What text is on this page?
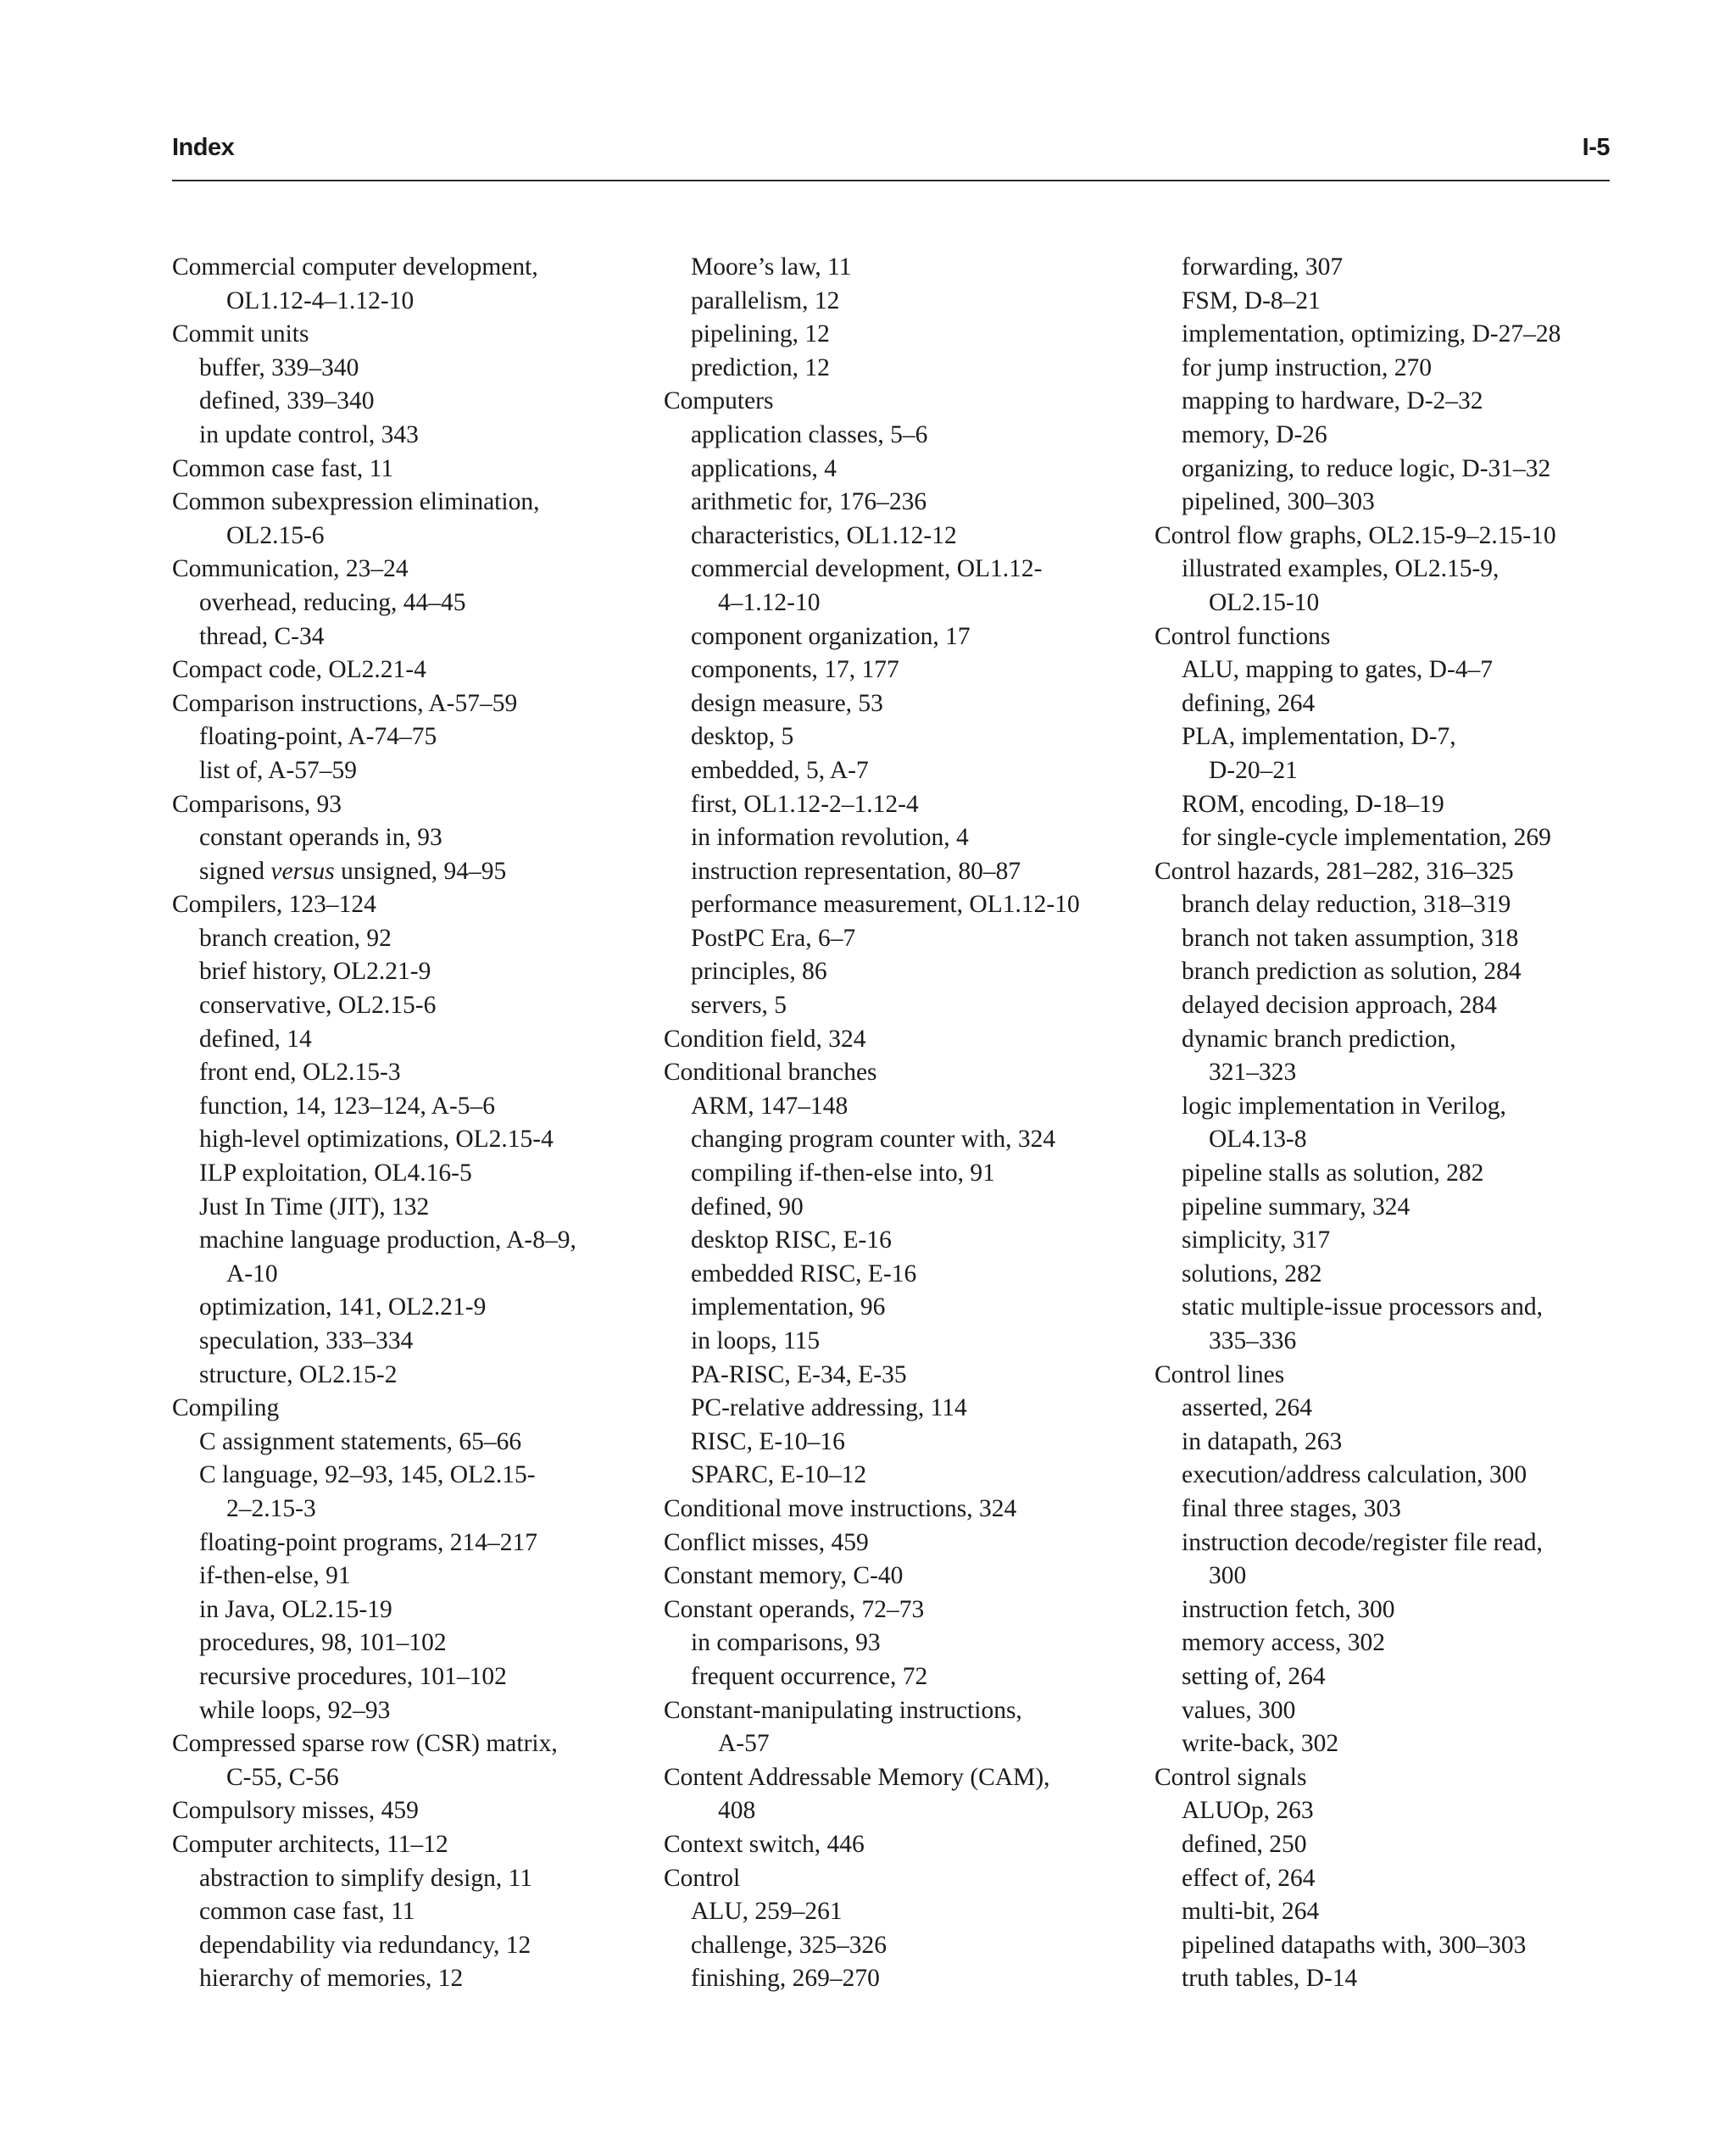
Index	I-5
Commercial computer development,
OL1.12-4–1.12-10
Commit units
buffer, 339–340
defined, 339–340
in update control, 343
Common case fast, 11
Common subexpression elimination,
OL2.15-6
Communication, 23–24
overhead, reducing, 44–45
thread, C-34
Compact code, OL2.21-4
Comparison instructions, A-57–59
floating-point, A-74–75
list of, A-57–59
Comparisons, 93
constant operands in, 93
signed versus unsigned, 94–95
Compilers, 123–124
branch creation, 92
brief history, OL2.21-9
conservative, OL2.15-6
defined, 14
front end, OL2.15-3
function, 14, 123–124, A-5–6
high-level optimizations, OL2.15-4
ILP exploitation, OL4.16-5
Just In Time (JIT), 132
machine language production, A-8–9,
A-10
optimization, 141, OL2.21-9
speculation, 333–334
structure, OL2.15-2
Compiling
C assignment statements, 65–66
C language, 92–93, 145, OL2.15-
2–2.15-3
floating-point programs, 214–217
if-then-else, 91
in Java, OL2.15-19
procedures, 98, 101–102
recursive procedures, 101–102
while loops, 92–93
Compressed sparse row (CSR) matrix,
C-55, C-56
Compulsory misses, 459
Computer architects, 11–12
abstraction to simplify design, 11
common case fast, 11
dependability via redundancy, 12
hierarchy of memories, 12
Moore’s law, 11
parallelism, 12
pipelining, 12
prediction, 12
Computers
application classes, 5–6
applications, 4
arithmetic for, 176–236
characteristics, OL1.12-12
commercial development, OL1.12-
4–1.12-10
component organization, 17
components, 17, 177
design measure, 53
desktop, 5
embedded, 5, A-7
first, OL1.12-2–1.12-4
in information revolution, 4
instruction representation, 80–87
performance measurement, OL1.12-10
PostPC Era, 6–7
principles, 86
servers, 5
Condition field, 324
Conditional branches
ARM, 147–148
changing program counter with, 324
compiling if-then-else into, 91
defined, 90
desktop RISC, E-16
embedded RISC, E-16
implementation, 96
in loops, 115
PA-RISC, E-34, E-35
PC-relative addressing, 114
RISC, E-10–16
SPARC, E-10–12
Conditional move instructions, 324
Conflict misses, 459
Constant memory, C-40
Constant operands, 72–73
in comparisons, 93
frequent occurrence, 72
Constant-manipulating instructions,
A-57
Content Addressable Memory (CAM),
408
Context switch, 446
Control
ALU, 259–261
challenge, 325–326
finishing, 269–270
forwarding, 307
FSM, D-8–21
implementation, optimizing, D-27–28
for jump instruction, 270
mapping to hardware, D-2–32
memory, D-26
organizing, to reduce logic, D-31–32
pipelined, 300–303
Control flow graphs, OL2.15-9–2.15-10
illustrated examples, OL2.15-9,
OL2.15-10
Control functions
ALU, mapping to gates, D-4–7
defining, 264
PLA, implementation, D-7,
D-20–21
ROM, encoding, D-18–19
for single-cycle implementation, 269
Control hazards, 281–282, 316–325
branch delay reduction, 318–319
branch not taken assumption, 318
branch prediction as solution, 284
delayed decision approach, 284
dynamic branch prediction,
321–323
logic implementation in Verilog,
OL4.13-8
pipeline stalls as solution, 282
pipeline summary, 324
simplicity, 317
solutions, 282
static multiple-issue processors and,
335–336
Control lines
asserted, 264
in datapath, 263
execution/address calculation, 300
final three stages, 303
instruction decode/register file read,
300
instruction fetch, 300
memory access, 302
setting of, 264
values, 300
write-back, 302
Control signals
ALUOp, 263
defined, 250
effect of, 264
multi-bit, 264
pipelined datapaths with, 300–303
truth tables, D-14
